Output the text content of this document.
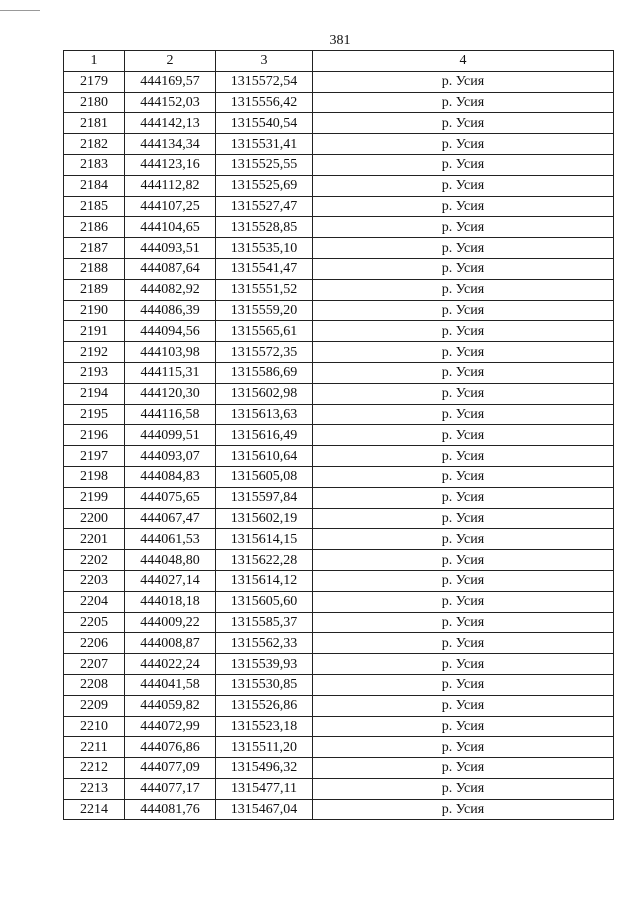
381
1	2	3	4
2179	444169,57	1315572,54	р. Усия
2180	444152,03	1315556,42	р. Усия
2181	444142,13	1315540,54	р. Усия
2182	444134,34	1315531,41	р. Усия
2183	444123,16	1315525,55	р. Усия
2184	444112,82	1315525,69	р. Усия
2185	444107,25	1315527,47	р. Усия
2186	444104,65	1315528,85	р. Усия
2187	444093,51	1315535,10	р. Усия
2188	444087,64	1315541,47	р. Усия
2189	444082,92	1315551,52	р. Усия
2190	444086,39	1315559,20	р. Усия
2191	444094,56	1315565,61	р. Усия
2192	444103,98	1315572,35	р. Усия
2193	444115,31	1315586,69	р. Усия
2194	444120,30	1315602,98	р. Усия
2195	444116,58	1315613,63	р. Усия
2196	444099,51	1315616,49	р. Усия
2197	444093,07	1315610,64	р. Усия
2198	444084,83	1315605,08	р. Усия
2199	444075,65	1315597,84	р. Усия
2200	444067,47	1315602,19	р. Усия
2201	444061,53	1315614,15	р. Усия
2202	444048,80	1315622,28	р. Усия
2203	444027,14	1315614,12	р. Усия
2204	444018,18	1315605,60	р. Усия
2205	444009,22	1315585,37	р. Усия
2206	444008,87	1315562,33	р. Усия
2207	444022,24	1315539,93	р. Усия
2208	444041,58	1315530,85	р. Усия
2209	444059,82	1315526,86	р. Усия
2210	444072,99	1315523,18	р. Усия
2211	444076,86	1315511,20	р. Усия
2212	444077,09	1315496,32	р. Усия
2213	444077,17	1315477,11	р. Усия
2214	444081,76	1315467,04	р. Усия
